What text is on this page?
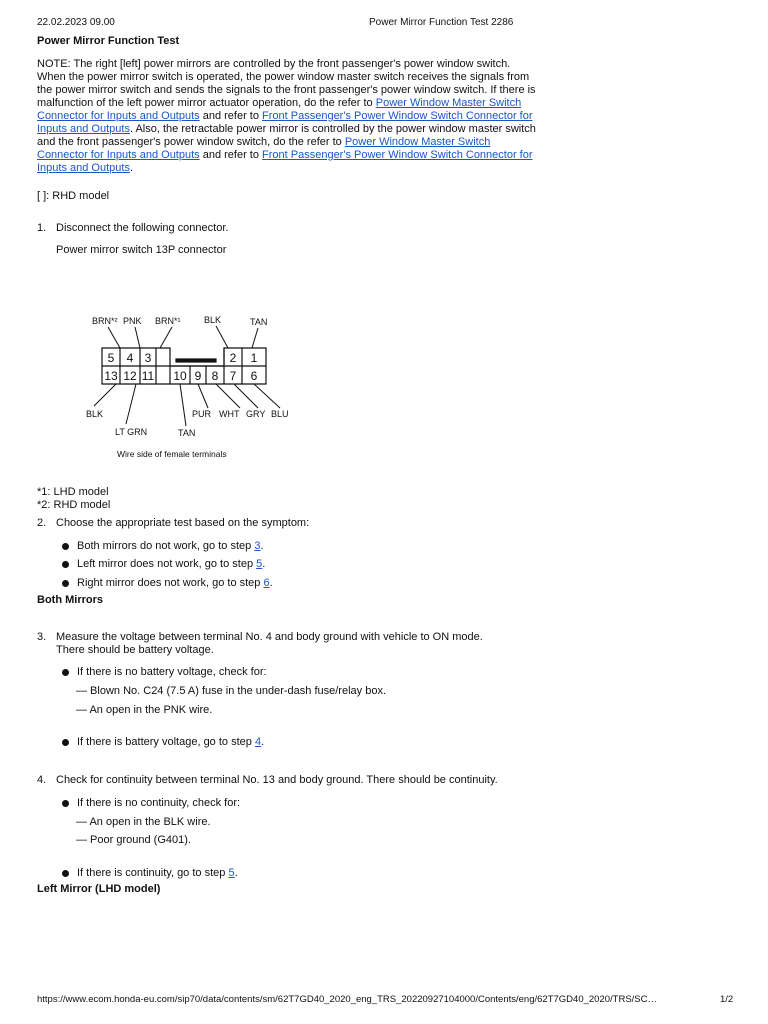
22.02.2023 09.00	Power Mirror Function Test 2286
Power Mirror Function Test
NOTE: The right [left] power mirrors are controlled by the front passenger's power window switch. When the power mirror switch is operated, the power window master switch receives the signals from the power mirror switch and sends the signals to the front passenger's power window switch. If there is malfunction of the left power mirror actuator operation, do the refer to Power Window Master Switch Connector for Inputs and Outputs and refer to Front Passenger's Power Window Switch Connector for Inputs and Outputs. Also, the retractable power mirror is controlled by the power window master switch and the front passenger's power window switch, do the refer to Power Window Master Switch Connector for Inputs and Outputs and refer to Front Passenger's Power Window Switch Connector for Inputs and Outputs.
[ ]: RHD model
1. Disconnect the following connector.
Power mirror switch 13P connector
BRN*² PNK BRN*¹	BLK	TAN
5 4 3	2 1
13 12 11 10 9 8 7 6
BLK
LT GRN	TAN
PUR WHT GRY BLU
Wire side of female terminals
*1: LHD model
*2: RHD model
2. Choose the appropriate test based on the symptom:
Both mirrors do not work, go to step 3.
Left mirror does not work, go to step 5.
Right mirror does not work, go to step 6.
Both Mirrors
3. Measure the voltage between terminal No. 4 and body ground with vehicle to ON mode.
There should be battery voltage.
If there is no battery voltage, check for:
— Blown No. C24 (7.5 A) fuse in the under-dash fuse/relay box.
— An open in the PNK wire.
If there is battery voltage, go to step 4.
4. Check for continuity between terminal No. 13 and body ground. There should be continuity.
If there is no continuity, check for:
— An open in the BLK wire.
— Poor ground (G401).
If there is continuity, go to step 5.
Left Mirror (LHD model)
https://www.ecom.honda-eu.com/sip70/data/contents/sm/62T7GD40_2020_eng_TRS_20220927104000/Contents/eng/62T7GD40_2020/TRS/SC…	1/2
